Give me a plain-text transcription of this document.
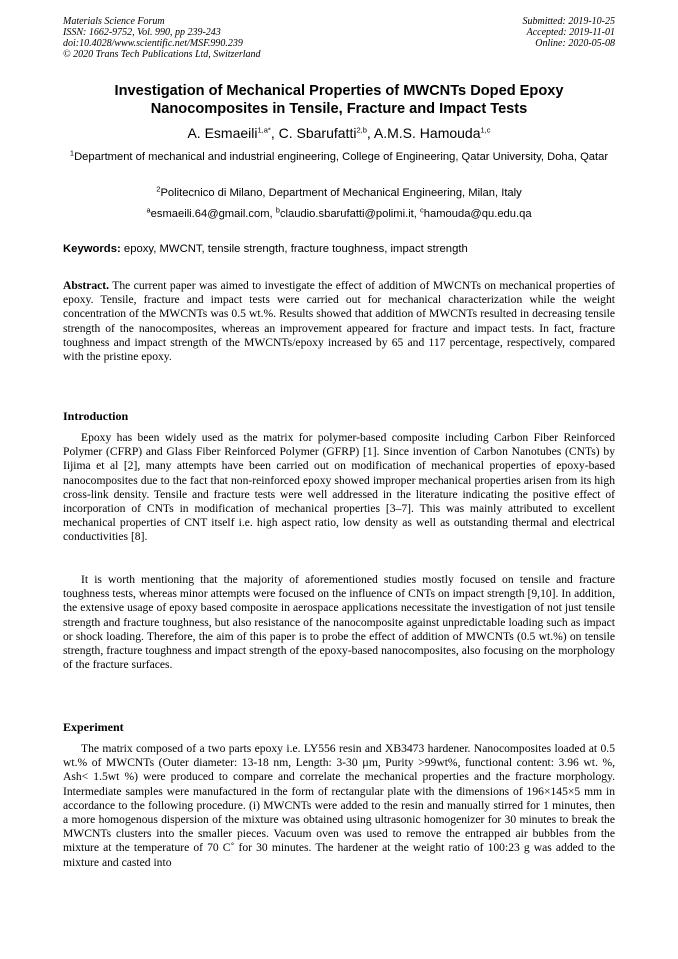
Materials Science Forum
ISSN: 1662-9752, Vol. 990, pp 239-243
doi:10.4028/www.scientific.net/MSF.990.239
© 2020 Trans Tech Publications Ltd, Switzerland
Submitted: 2019-10-25
Accepted: 2019-11-01
Online: 2020-05-08
Investigation of Mechanical Properties of MWCNTs Doped Epoxy
Nanocomposites in Tensile, Fracture and Impact Tests
A. Esmaeili$^{1,a*}$, C. Sbarufatti$^{2,b}$, A.M.S. Hamouda$^{1,c}$
$^1$Department of mechanical and industrial engineering, College of Engineering, Qatar University, Doha, Qatar
$^2$Politecnico di Milano, Department of Mechanical Engineering, Milan, Italy
$^a$esmaeili.64@gmail.com, $^b$claudio.sbarufatti@polimi.it, $^c$hamouda@qu.edu.qa
Keywords: epoxy, MWCNT, tensile strength, fracture toughness, impact strength
Abstract. The current paper was aimed to investigate the effect of addition of MWCNTs on mechanical properties of epoxy. Tensile, fracture and impact tests were carried out for mechanical characterization while the weight concentration of the MWCNTs was 0.5 wt.%. Results showed that addition of MWCNTs resulted in decreasing tensile strength of the nanocomposites, whereas an improvement appeared for fracture and impact tests. In fact, fracture toughness and impact strength of the MWCNTs/epoxy increased by 65 and 117 percentage, respectively, compared with the pristine epoxy.
Introduction
Epoxy has been widely used as the matrix for polymer-based composite including Carbon Fiber Reinforced Polymer (CFRP) and Glass Fiber Reinforced Polymer (GFRP) [1]. Since invention of Carbon Nanotubes (CNTs) by Iijima et al [2], many attempts have been carried out on modification of mechanical properties of epoxy-based nanocomposites due to the fact that non-reinforced epoxy showed improper mechanical properties arisen from its high cross-link density. Tensile and fracture tests were well addressed in the literature indicating the positive effect of incorporation of CNTs in modification of mechanical properties [3–7]. This was mainly attributed to excellent mechanical properties of CNT itself i.e. high aspect ratio, low density as well as outstanding thermal and electrical conductivities [8].
It is worth mentioning that the majority of aforementioned studies mostly focused on tensile and fracture toughness tests, whereas minor attempts were focused on the influence of CNTs on impact strength [9,10]. In addition, the extensive usage of epoxy based composite in aerospace applications necessitate the investigation of not just tensile strength and fracture toughness, but also resistance of the nanocomposite against unpredictable loading such as impact or shock loading. Therefore, the aim of this paper is to probe the effect of addition of MWCNTs (0.5 wt.%) on tensile strength, fracture toughness and impact strength of the epoxy-based nanocomposites, also focusing on the morphology of the fracture surfaces.
Experiment
The matrix composed of a two parts epoxy i.e. LY556 resin and XB3473 hardener. Nanocomposites loaded at 0.5 wt.% of MWCNTs (Outer diameter: 13-18 nm, Length: 3-30 µm, Purity >99wt%, functional content: 3.96 wt. %, Ash< 1.5wt %) were produced to compare and correlate the mechanical properties and the fracture morphology. Intermediate samples were manufactured in the form of rectangular plate with the dimensions of 196×145×5 mm in accordance to the following procedure. (i) MWCNTs were added to the resin and manually stirred for 1 minutes, then a more homogenous dispersion of the mixture was obtained using ultrasonic homogenizer for 30 minutes to break the MWCNTs clusters into the smaller pieces. Vacuum oven was used to remove the entrapped air bubbles from the mixture at the temperature of 70 C˚ for 30 minutes. The hardener at the weight ratio of 100:23 g was added to the mixture and casted into
